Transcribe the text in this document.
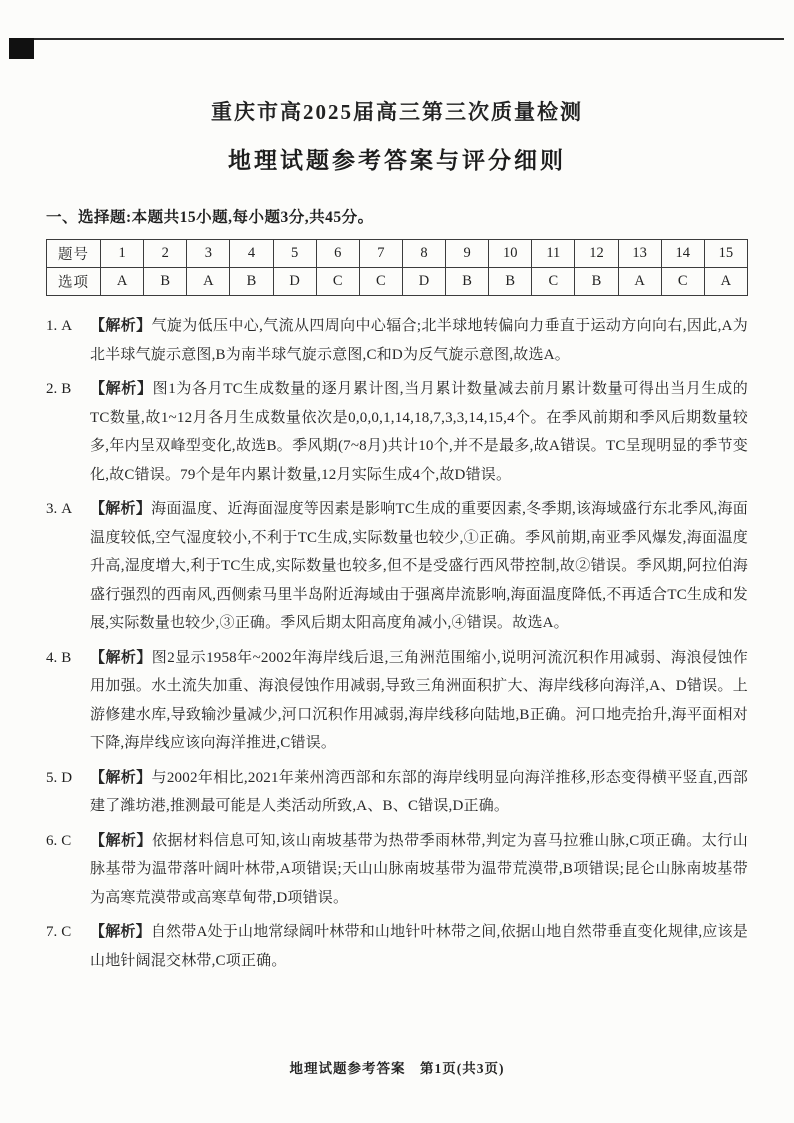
重庆市高2025届高三第三次质量检测
地理试题参考答案与评分细则
一、选择题:本题共15小题,每小题3分,共45分。
题号	1	2	3	4	5	6	7	8	9	10	11	12	13	14	15
选项	A	B	A	B	D	C	C	D	B	B	C	B	A	C	A
1. A	【解析】气旋为低压中心,气流从四周向中心辐合;北半球地转偏向力垂直于运动方向向右,因此,A为北半球气旋示意图,B为南半球气旋示意图,C和D为反气旋示意图,故选A。

2. B	【解析】图1为各月TC生成数量的逐月累计图,当月累计数量减去前月累计数量可得出当月生成的TC数量,故1~12月各月生成数量依次是0,0,0,1,14,18,7,3,3,14,15,4个。在季风前期和季风后期数量较多,年内呈双峰型变化,故选B。季风期(7~8月)共计10个,并不是最多,故A错误。TC呈现明显的季节变化,故C错误。79个是年内累计数量,12月实际生成4个,故D错误。

3. A	【解析】海面温度、近海面湿度等因素是影响TC生成的重要因素,冬季期,该海域盛行东北季风,海面温度较低,空气湿度较小,不利于TC生成,实际数量也较少,①正确。季风前期,南亚季风爆发,海面温度升高,湿度增大,利于TC生成,实际数量也较多,但不是受盛行西风带控制,故②错误。季风期,阿拉伯海盛行强烈的西南风,西侧索马里半岛附近海域由于强离岸流影响,海面温度降低,不再适合TC生成和发展,实际数量也较少,③正确。季风后期太阳高度角减小,④错误。故选A。

4. B	【解析】图2显示1958年~2002年海岸线后退,三角洲范围缩小,说明河流沉积作用减弱、海浪侵蚀作用加强。水土流失加重、海浪侵蚀作用减弱,导致三角洲面积扩大、海岸线移向海洋,A、D错误。上游修建水库,导致输沙量减少,河口沉积作用减弱,海岸线移向陆地,B正确。河口地壳抬升,海平面相对下降,海岸线应该向海洋推进,C错误。

5. D	【解析】与2002年相比,2021年莱州湾西部和东部的海岸线明显向海洋推移,形态变得横平竖直,西部建了潍坊港,推测最可能是人类活动所致,A、B、C错误,D正确。

6. C	【解析】依据材料信息可知,该山南坡基带为热带季雨林带,判定为喜马拉雅山脉,C项正确。太行山脉基带为温带落叶阔叶林带,A项错误;天山山脉南坡基带为温带荒漠带,B项错误;昆仑山脉南坡基带为高寒荒漠带或高寒草甸带,D项错误。

7. C	【解析】自然带A处于山地常绿阔叶林带和山地针叶林带之间,依据山地自然带垂直变化规律,应该是山地针阔混交林带,C项正确。

地理试题参考答案　第1页(共3页)
